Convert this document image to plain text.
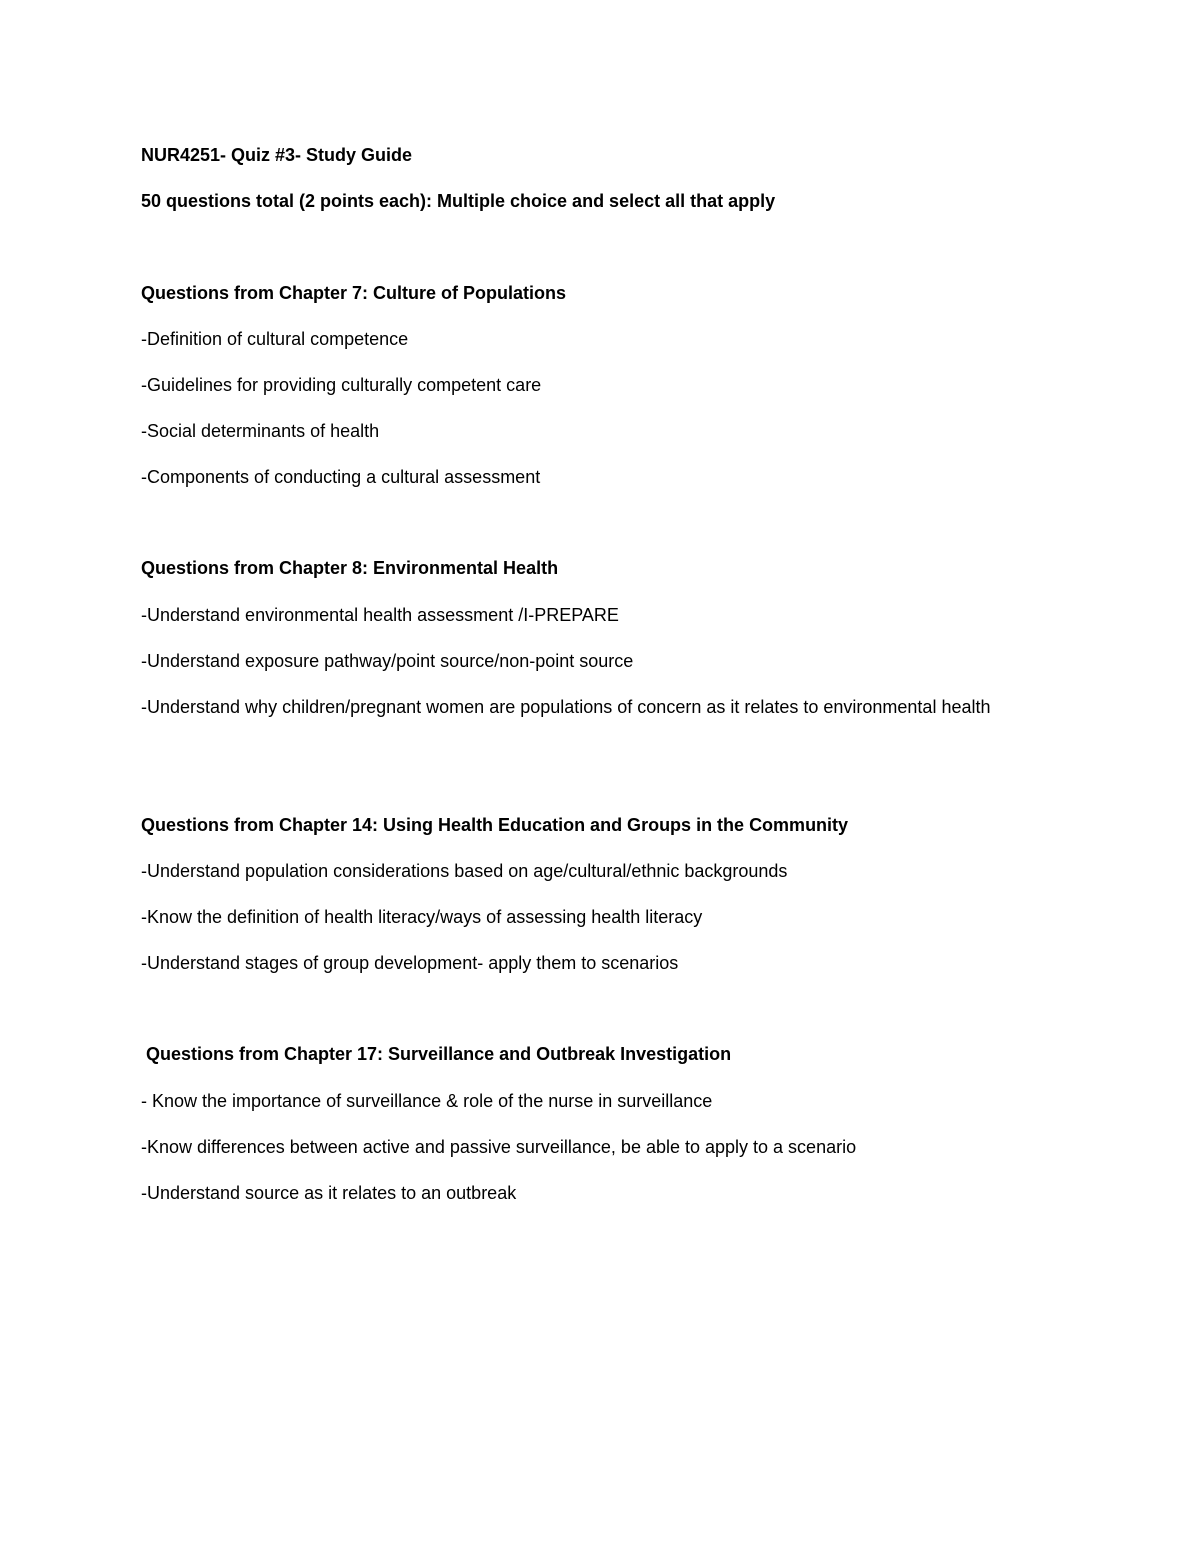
NUR4251- Quiz #3- Study Guide
50 questions total (2 points each): Multiple choice and select all that apply
Questions from Chapter 7: Culture of Populations
-Definition of cultural competence
-Guidelines for providing culturally competent care
-Social determinants of health
-Components of conducting a cultural assessment
Questions from Chapter 8: Environmental Health
-Understand environmental health assessment /I-PREPARE
-Understand exposure pathway/point source/non-point source
-Understand why children/pregnant women are populations of concern as it relates to environmental health
Questions from Chapter 14: Using Health Education and Groups in the Community
-Understand population considerations based on age/cultural/ethnic backgrounds
-Know the definition of health literacy/ways of assessing health literacy
-Understand stages of group development- apply them to scenarios
Questions from Chapter 17: Surveillance and Outbreak Investigation
- Know the importance of surveillance & role of the nurse in surveillance
-Know differences between active and passive surveillance, be able to apply to a scenario
-Understand source as it relates to an outbreak
